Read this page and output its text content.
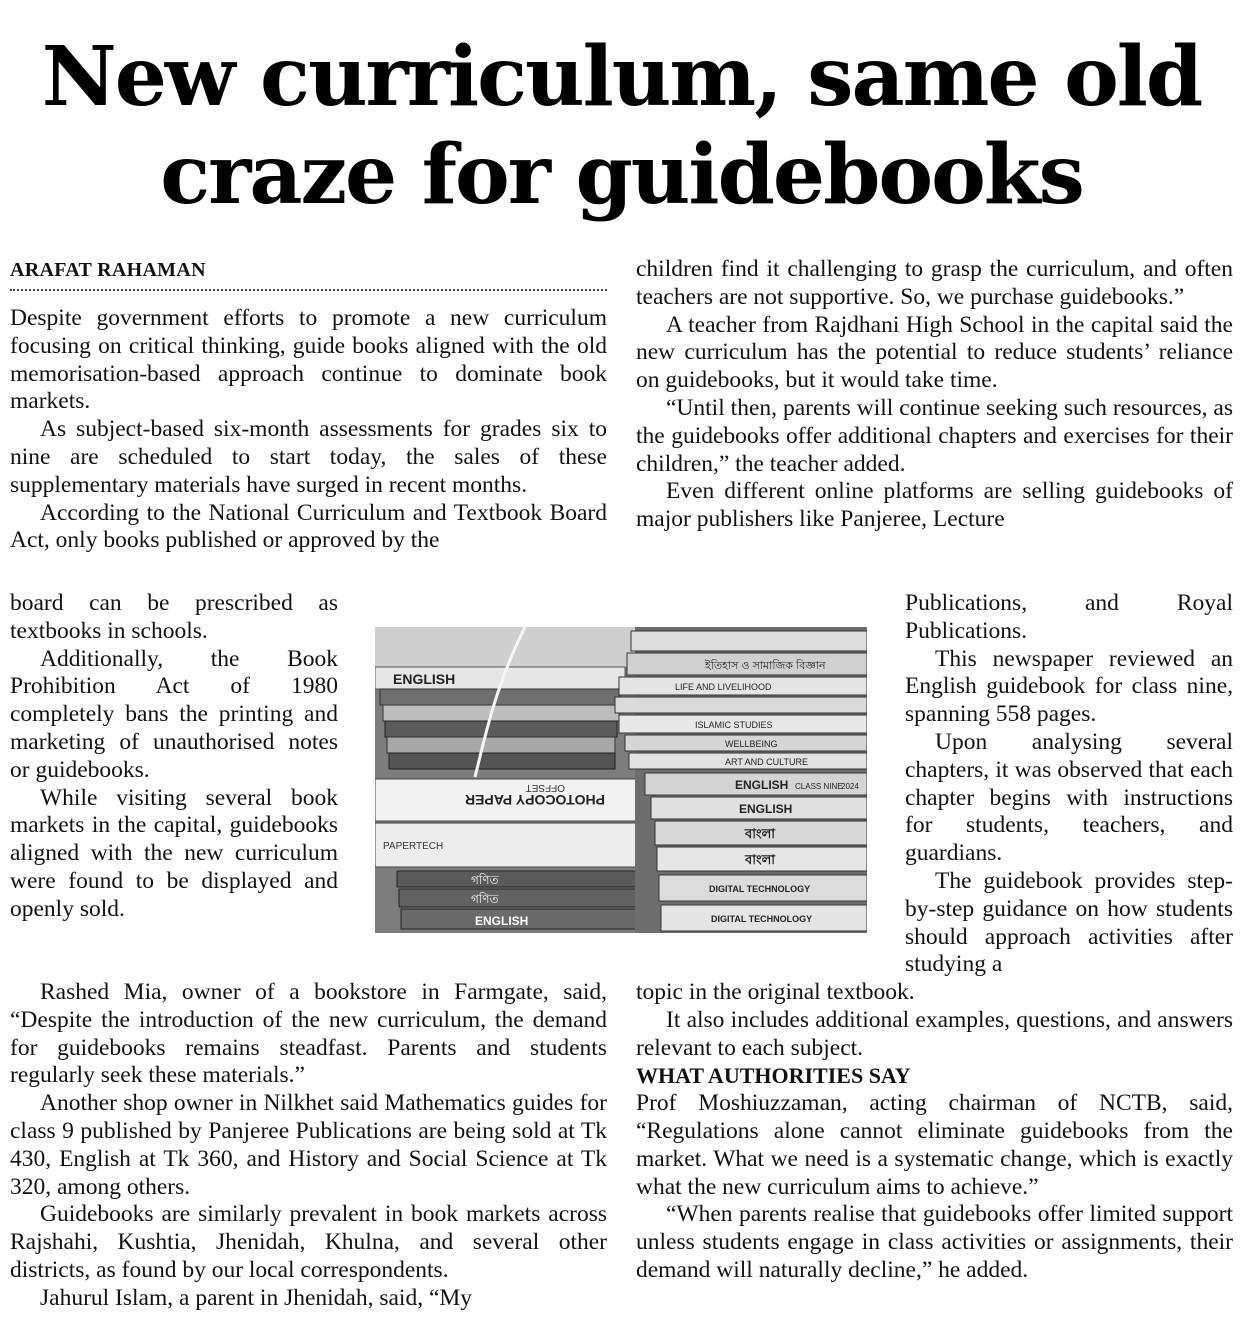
New curriculum, same old
craze for guidebooks
ARAFAT RAHAMAN

Despite government efforts to promote a new curriculum focusing on critical thinking, guide books aligned with the old memorisation-based approach continue to dominate book markets.

As subject-based six-month assessments for grades six to nine are scheduled to start today, the sales of these supplementary materials have surged in recent months.

According to the National Curriculum and Textbook Board Act, only books published or approved by the

board can be prescribed as textbooks in schools.

Additionally, the Book Prohibition Act of 1980 completely bans the printing and marketing of unauthorised notes or guidebooks.

While visiting several book markets in the capital, guidebooks aligned with the new curriculum were found to be displayed and openly sold.

Rashed Mia, owner of a bookstore in Farmgate, said, “Despite the introduction of the new curriculum, the demand for guidebooks remains steadfast. Parents and students regularly seek these materials.”

Another shop owner in Nilkhet said Mathematics guides for class 9 published by Panjeree Publications are being sold at Tk 430, English at Tk 360, and History and Social Science at Tk 320, among others.

Guidebooks are similarly prevalent in book markets across Rajshahi, Kushtia, Jhenidah, Khulna, and several other districts, as found by our local correspondents.

Jahurul Islam, a parent in Jhenidah, said, “My

children find it challenging to grasp the curriculum, and often teachers are not supportive. So, we purchase guidebooks.”

A teacher from Rajdhani High School in the capital said the new curriculum has the potential to reduce students’ reliance on guidebooks, but it would take time.

“Until then, parents will continue seeking such resources, as the guidebooks offer additional chapters and exercises for their children,” the teacher added.

Even different online platforms are selling guidebooks of major publishers like Panjeree, Lecture

Publications, and Royal Publications.

This newspaper reviewed an English guidebook for class nine, spanning 558 pages.

Upon analysing several chapters, it was observed that each chapter begins with instructions for students, teachers, and guardians.

The guidebook provides step-by-step guidance on how students should approach activities after studying a

topic in the original textbook.

It also includes additional examples, questions, and answers relevant to each subject.

WHAT AUTHORITIES SAY

Prof Moshiuzzaman, acting chairman of NCTB, said, “Regulations alone cannot eliminate guidebooks from the market. What we need is a systematic change, which is exactly what the new curriculum aims to achieve.”

“When parents realise that guidebooks offer limited support unless students engage in class activities or assignments, their demand will naturally decline,” he added.

ENGLISH
PHOTOCOPY PAPER
OFFSET
PAPERTECH
গণিত
গণিত
ENGLISH
ইতিহাস ও সামাজিক বিজ্ঞান
LIFE AND LIVELIHOOD
ISLAMIC STUDIES
WELLBEING
ART AND CULTURE
ENGLISH CLASS NINE
2024
ENGLISH
বাংলা
বাংলা
DIGITAL TECHNOLOGY
DIGITAL TECHNOLOGY
